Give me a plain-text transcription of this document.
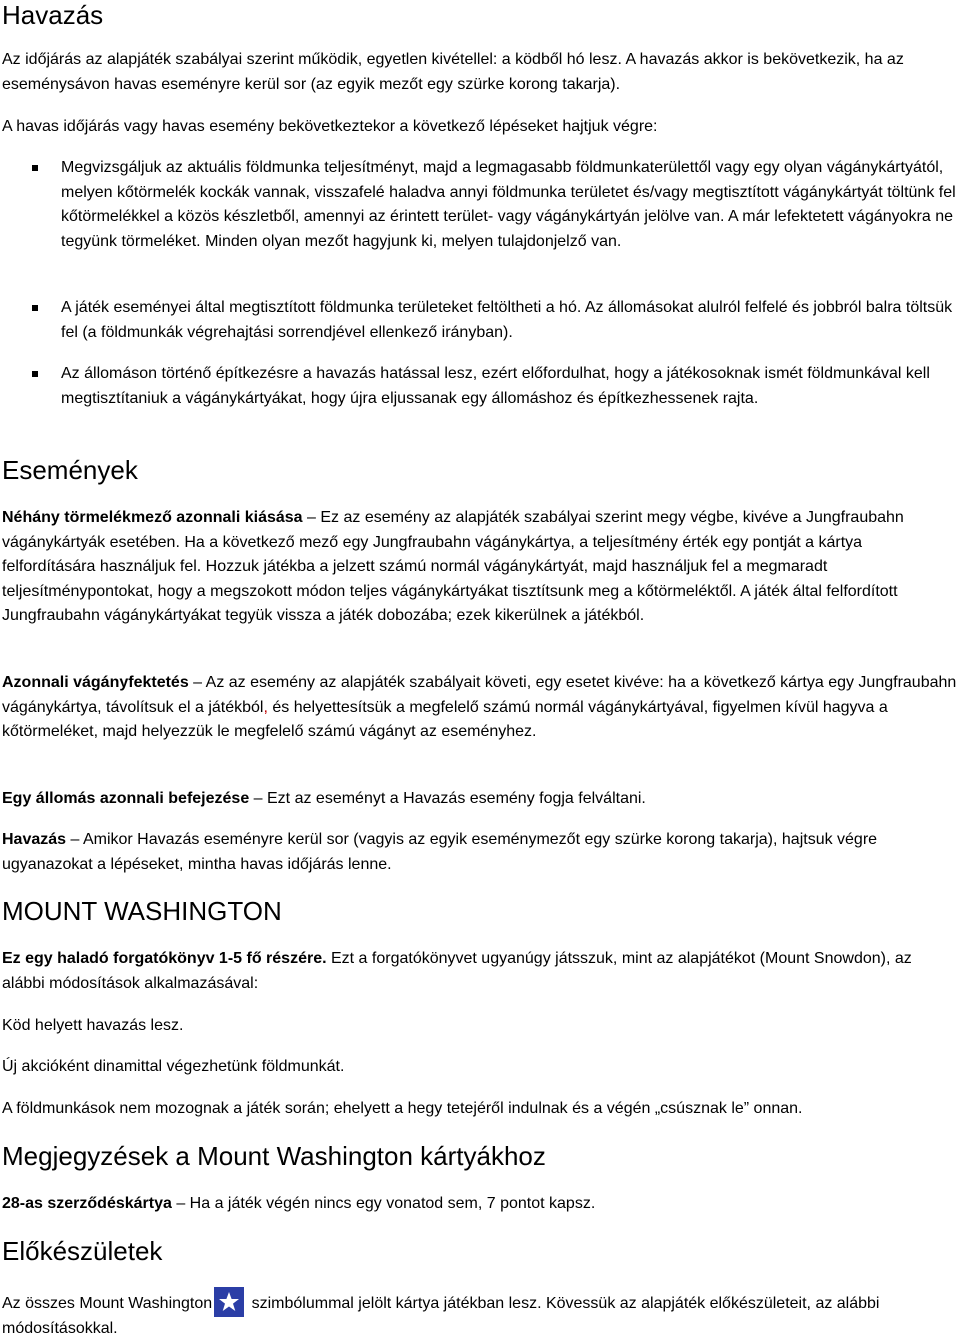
Havazás

Az időjárás az alapjáték szabályai szerint működik, egyetlen kivétellel: a ködből hó lesz. A havazás akkor is bekövetkezik, ha az eseménysávon havas eseményre kerül sor (az egyik mezőt egy szürke korong takarja).

A havas időjárás vagy havas esemény bekövetkeztekor a következő lépéseket hajtjuk végre:

Megvizsgáljuk az aktuális földmunka teljesítményt, majd a legmagasabb földmunkaterülettől vagy egy olyan vágánykártyától, melyen kőtörmelék kockák vannak, visszafelé haladva annyi földmunka területet és/vagy megtisztított vágánykártyát töltünk fel kőtörmelékkel a közös készletből, amennyi az érintett terület- vagy vágánykártyán jelölve van. A már lefektetett vágányokra ne tegyünk törmeléket. Minden olyan mezőt hagyjunk ki, melyen tulajdonjelző van.
A játék eseményei által megtisztított földmunka területeket feltöltheti a hó. Az állomásokat alulról felfelé és jobbról balra töltsük fel (a földmunkák végrehajtási sorrendjével ellenkező irányban).
Az állomáson történő építkezésre a havazás hatással lesz, ezért előfordulhat, hogy a játékosoknak ismét földmunkával kell megtisztítaniuk a vágánykártyákat, hogy újra eljussanak egy állomáshoz és építkezhessenek rajta.
Események

Néhány törmelékmező azonnali kiásása – Ez az esemény az alapjáték szabályai szerint megy végbe, kivéve a Jungfraubahn vágánykártyák esetében. Ha a következő mező egy Jungfraubahn vágánykártya, a teljesítmény érték egy pontját a kártya felfordítására használjuk fel. Hozzuk játékba a jelzett számú normál vágánykártyát, majd használjuk fel a megmaradt teljesítménypontokat, hogy a megszokott módon teljes vágánykártyákat tisztítsunk meg a kőtörmeléktől. A játék által felfordított Jungfraubahn vágánykártyákat tegyük vissza a játék dobozába; ezek kikerülnek a játékból.

Azonnali vágányfektetés – Az az esemény az alapjáték szabályait követi, egy esetet kivéve: ha a következő kártya egy Jungfraubahn vágánykártya, távolítsuk el a játékból, és helyettesítsük a megfelelő számú normál vágánykártyával, figyelmen kívül hagyva a kőtörmeléket, majd helyezzük le megfelelő számú vágányt az eseményhez.

Egy állomás azonnali befejezése – Ezt az eseményt a Havazás esemény fogja felváltani.

Havazás – Amikor Havazás eseményre kerül sor (vagyis az egyik eseménymezőt egy szürke korong takarja), hajtsuk végre ugyanazokat a lépéseket, mintha havas időjárás lenne.

MOUNT WASHINGTON

Ez egy haladó forgatókönyv 1-5 fő részére. Ezt a forgatókönyvet ugyanúgy játsszuk, mint az alapjátékot (Mount Snowdon), az alábbi módosítások alkalmazásával:

Köd helyett havazás lesz.

Új akcióként dinamittal végezhetünk földmunkát.

A földmunkások nem mozognak a játék során; ehelyett a hegy tetejéről indulnak és a végén „csúsznak le” onnan.

Megjegyzések a Mount Washington kártyákhoz

28-as szerződéskártya – Ha a játék végén nincs egy vonatod sem, 7 pontot kapsz.

Előkészületek

Az összes Mount Washington
szimbólummal jelölt kártya játékban lesz. Kövessük az alapjáték előkészületeit, az alábbi módosításokkal.
